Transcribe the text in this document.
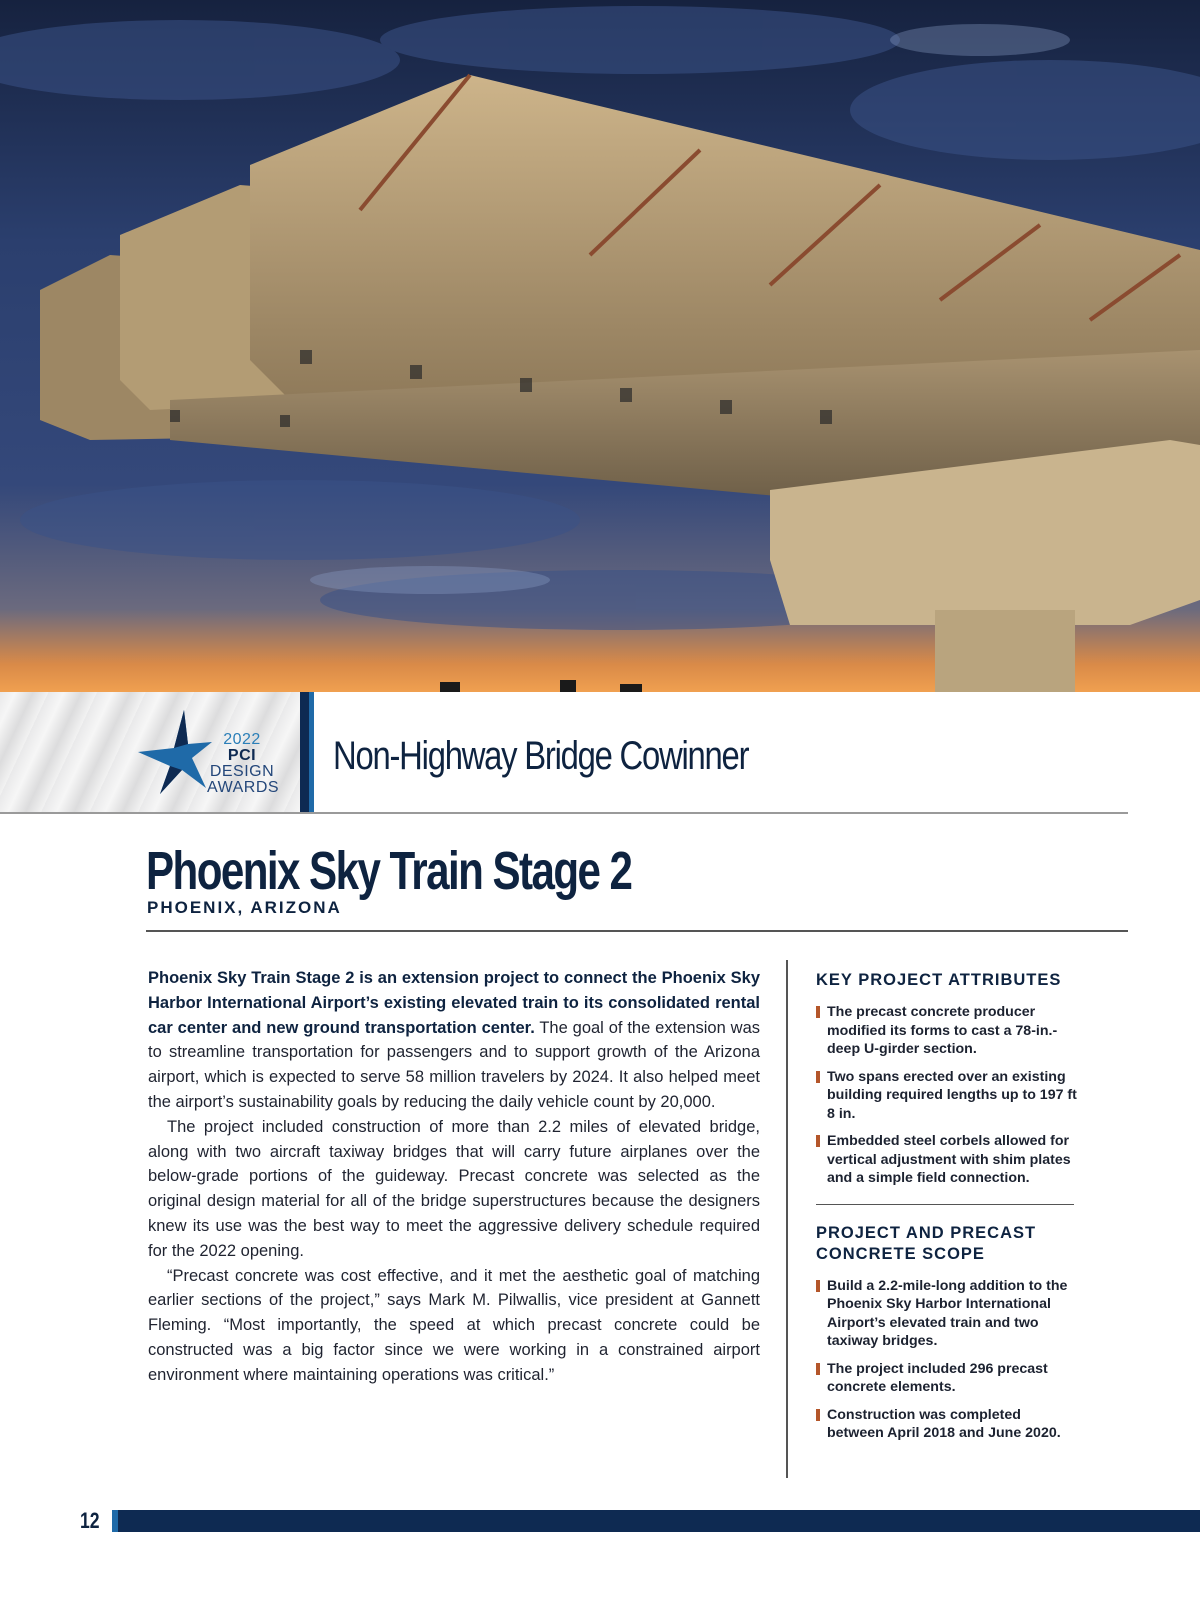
2022 PCI
DESIGN
AWARDS
Non-Highway Bridge Cowinner
Phoenix Sky Train Stage 2
PHOENIX, ARIZONA

Phoenix Sky Train Stage 2 is an extension project to connect the Phoenix Sky Harbor International Airport’s existing elevated train to its consolidated rental car center and new ground transportation center. The goal of the extension was to streamline transportation for passengers and to support growth of the Arizona airport, which is expected to serve 58 million travelers by 2024. It also helped meet the airport’s sustainability goals by reducing the daily vehicle count by 20,000.

The project included construction of more than 2.2 miles of elevated bridge, along with two aircraft taxiway bridges that will carry future airplanes over the below-grade portions of the guideway. Precast concrete was selected as the original design material for all of the bridge superstructures because the designers knew its use was the best way to meet the aggressive delivery schedule required for the 2022 opening.

“Precast concrete was cost effective, and it met the aesthetic goal of matching earlier sections of the project,” says Mark M. Pilwallis, vice president at Gannett Fleming. “Most importantly, the speed at which precast concrete could be constructed was a big factor since we were working in a constrained airport environment where maintaining operations was critical.”

KEY PROJECT ATTRIBUTES
The precast concrete producer modified its forms to cast a 78-in.-deep U-girder section.
Two spans erected over an existing building required lengths up to 197 ft 8 in.
Embedded steel corbels allowed for vertical adjustment with shim plates and a simple field connection.
PROJECT AND PRECAST CONCRETE SCOPE
Build a 2.2-mile-long addition to the Phoenix Sky Harbor International Airport’s elevated train and two taxiway bridges.
The project included 296 precast concrete elements.
Construction was completed between April 2018 and June 2020.
12
